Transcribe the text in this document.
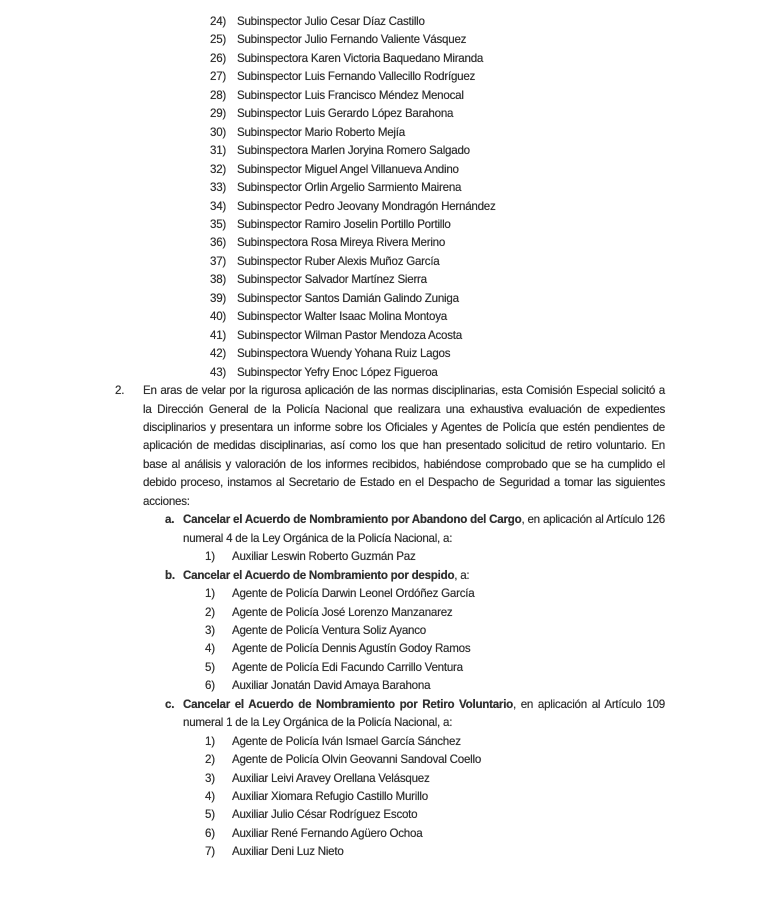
24) Subinspector Julio Cesar Díaz Castillo
25) Subinspector Julio Fernando Valiente Vásquez
26) Subinspectora Karen Victoria Baquedano Miranda
27) Subinspector Luis Fernando Vallecillo Rodríguez
28) Subinspector Luis Francisco Méndez Menocal
29) Subinspector Luis Gerardo López Barahona
30) Subinspector Mario Roberto Mejía
31) Subinspectora Marlen Joryina Romero Salgado
32) Subinspector Miguel Angel Villanueva Andino
33) Subinspector Orlin Argelio Sarmiento Mairena
34) Subinspector Pedro Jeovany Mondragón Hernández
35) Subinspector Ramiro Joselin Portillo Portillo
36) Subinspectora Rosa Mireya Rivera Merino
37) Subinspector Ruber Alexis Muñoz García
38) Subinspector Salvador Martínez Sierra
39) Subinspector Santos Damián Galindo Zuniga
40) Subinspector Walter Isaac Molina Montoya
41) Subinspector Wilman Pastor Mendoza Acosta
42) Subinspectora Wuendy Yohana Ruiz Lagos
43) Subinspector Yefry Enoc López Figueroa
2. En aras de velar por la rigurosa aplicación de las normas disciplinarias, esta Comisión Especial solicitó a la Dirección General de la Policía Nacional que realizara una exhaustiva evaluación de expedientes disciplinarios y presentara un informe sobre los Oficiales y Agentes de Policía que estén pendientes de aplicación de medidas disciplinarias, así como los que han presentado solicitud de retiro voluntario. En base al análisis y valoración de los informes recibidos, habiéndose comprobado que se ha cumplido el debido proceso, instamos al Secretario de Estado en el Despacho de Seguridad a tomar las siguientes acciones:

a. Cancelar el Acuerdo de Nombramiento por Abandono del Cargo, en aplicación al Artículo 126 numeral 4 de la Ley Orgánica de la Policía Nacional, a:

1)	Auxiliar Leswin Roberto Guzmán Paz
b. Cancelar el Acuerdo de Nombramiento por despido, a:

1)	Agente de Policía Darwin Leonel Ordóñez García
2)	Agente de Policía José Lorenzo Manzanarez
3)	Agente de Policía Ventura Soliz Ayanco
4)	Agente de Policía Dennis Agustín Godoy Ramos
5)	Agente de Policía Edi Facundo Carrillo Ventura
6)	Auxiliar Jonatán David Amaya Barahona
c. Cancelar el Acuerdo de Nombramiento por Retiro Voluntario, en aplicación al Artículo 109 numeral 1 de la Ley Orgánica de la Policía Nacional, a:

1)	Agente de Policía Iván Ismael García Sánchez
2)	Agente de Policía Olvin Geovanni Sandoval Coello
3)	Auxiliar Leivi Aravey Orellana Velásquez
4)	Auxiliar Xiomara Refugio Castillo Murillo
5)	Auxiliar Julio César Rodríguez Escoto
6)	Auxiliar René Fernando Agüero Ochoa
7)	Auxiliar Deni Luz Nieto
